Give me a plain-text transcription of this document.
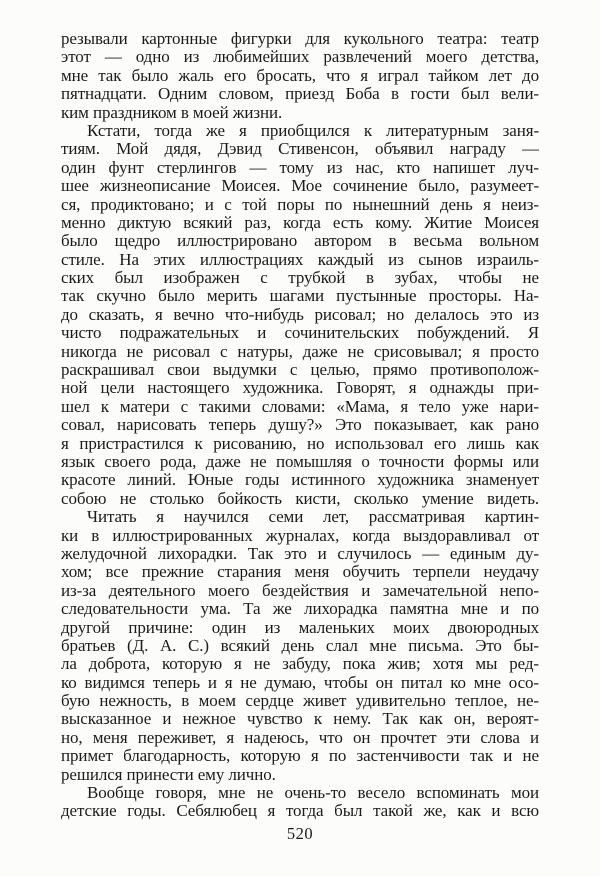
резывали картонные фигурки для кукольного театра: театр
этот — одно из любимейших развлечений моего детства,
мне так было жаль его бросать, что я играл тайком лет до
пятнадцати. Одним словом, приезд Боба в гости был вели-
ким праздником в моей жизни.
Кстати, тогда же я приобщился к литературным заня-
тиям. Мой дядя, Дэвид Стивенсон, объявил награду —
один фунт стерлингов — тому из нас, кто напишет луч-
шее жизнеописание Моисея. Мое сочинение было, разумеет-
ся, продиктовано; и с той поры по нынешний день я неиз-
менно диктую всякий раз, когда есть кому. Житие Моисея
было щедро иллюстрировано автором в весьма вольном
стиле. На этих иллюстрациях каждый из сынов израиль-
ских был изображен с трубкой в зубах, чтобы не
так скучно было мерить шагами пустынные просторы. На-
до сказать, я вечно что-нибудь рисовал; но делалось это из
чисто подражательных и сочинительских побуждений. Я
никогда не рисовал с натуры, даже не срисовывал; я просто
раскрашивал свои выдумки с целью, прямо противополож-
ной цели настоящего художника. Говорят, я однажды при-
шел к матери с такими словами: «Мама, я тело уже нари-
совал, нарисовать теперь душу?» Это показывает, как рано
я пристрастился к рисованию, но использовал его лишь как
язык своего рода, даже не помышляя о точности формы или
красоте линий. Юные годы истинного художника знаменует
собою не столько бойкость кисти, сколько умение видеть.
Читать я научился семи лет, рассматривая картин-
ки в иллюстрированных журналах, когда выздоравливал от
желудочной лихорадки. Так это и случилось — единым ду-
хом; все прежние старания меня обучить терпели неудачу
из-за деятельного моего бездействия и замечательной непо-
следовательности ума. Та же лихорадка памятна мне и по
другой причине: один из маленьких моих двоюродных
братьев (Д. А. С.) всякий день слал мне письма. Это бы-
ла доброта, которую я не забуду, пока жив; хотя мы ред-
ко видимся теперь и я не думаю, чтобы он питал ко мне осо-
бую нежность, в моем сердце живет удивительно теплое, не-
высказанное и нежное чувство к нему. Так как он, вероят-
но, меня переживет, я надеюсь, что он прочтет эти слова и
примет благодарность, которую я по застенчивости так и не
решился принести ему лично.
Вообще говоря, мне не очень-то весело вспоминать мои
детские годы. Себялюбец я тогда был такой же, как и всю
520
